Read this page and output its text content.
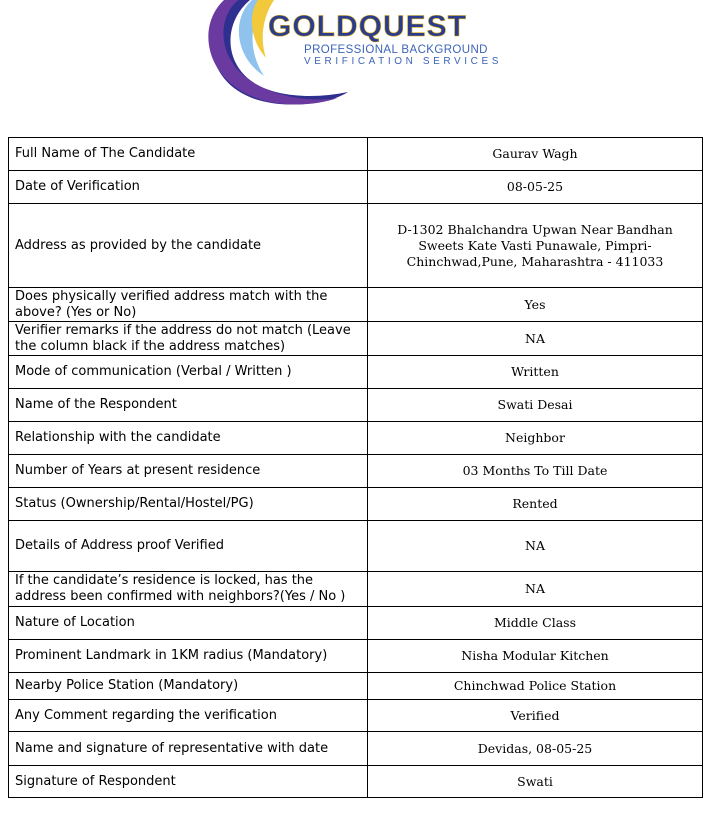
GOLDQUEST
PROFESSIONAL BACKGROUND
VERIFICATION SERVICES
Full Name of The Candidate	Gaurav Wagh
Date of Verification	08-05-25
Address as provided by the candidate	D-1302 Bhalchandra Upwan Near Bandhan Sweets Kate Vasti Punawale, Pimpri-Chinchwad,Pune, Maharashtra - 411033
Does physically verified address match with the above? (Yes or No)	Yes
Verifier remarks if the address do not match (Leave the column black if the address matches)	NA
Mode of communication (Verbal / Written )	Written
Name of the Respondent	Swati Desai
Relationship with the candidate	Neighbor
Number of Years at present residence	03 Months To Till Date
Status (Ownership/Rental/Hostel/PG)	Rented
Details of Address proof Verified	NA
If the candidate’s residence is locked, has the address been confirmed with neighbors?(Yes / No )	NA
Nature of Location	Middle Class
Prominent Landmark in 1KM radius (Mandatory)	Nisha Modular Kitchen
Nearby Police Station (Mandatory)	Chinchwad Police Station
Any Comment regarding the verification	Verified
Name and signature of representative with date	Devidas, 08-05-25
Signature of Respondent	Swati
